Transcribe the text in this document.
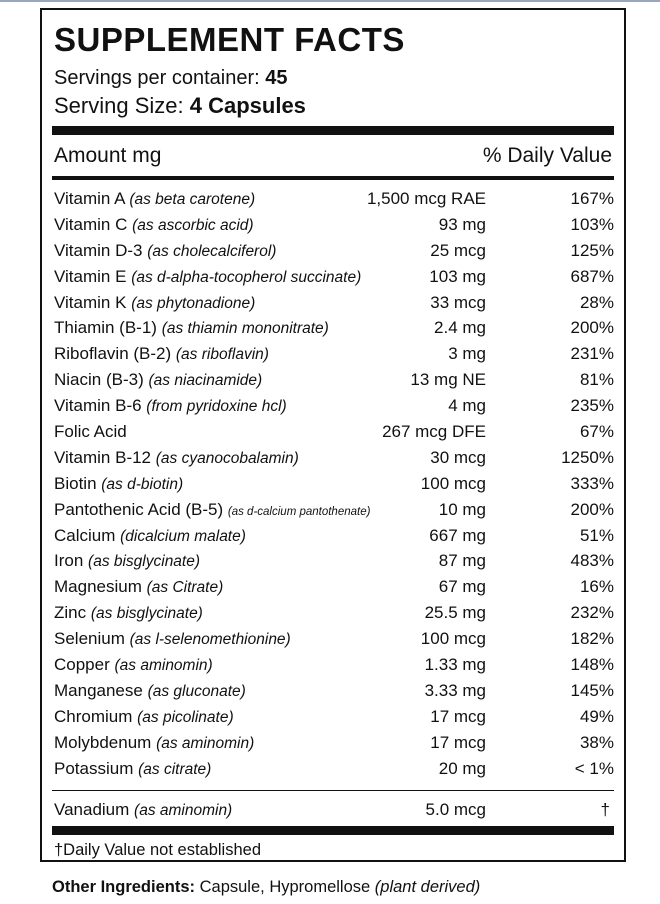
SUPPLEMENT FACTS
Servings per container: 45
Serving Size: 4 Capsules
Amount mg	% Daily Value
Vitamin A (as beta carotene)	1,500 mcg RAE	167%
Vitamin C (as ascorbic acid)	93 mg	103%
Vitamin D-3 (as cholecalciferol)	25 mcg	125%
Vitamin E (as d-alpha-tocopherol succinate)	103 mg	687%
Vitamin K (as phytonadione)	33 mcg	28%
Thiamin (B-1) (as thiamin mononitrate)	2.4 mg	200%
Riboflavin (B-2) (as riboflavin)	3 mg	231%
Niacin (B-3) (as niacinamide)	13 mg NE	81%
Vitamin B-6 (from pyridoxine hcl)	4 mg	235%
Folic Acid	267 mcg DFE	67%
Vitamin B-12 (as cyanocobalamin)	30 mcg	1250%
Biotin (as d-biotin)	100 mcg	333%
Pantothenic Acid (B-5) (as d-calcium pantothenate)	10 mg	200%
Calcium (dicalcium malate)	667 mg	51%
Iron (as bisglycinate)	87 mg	483%
Magnesium (as Citrate)	67 mg	16%
Zinc (as bisglycinate)	25.5 mg	232%
Selenium (as l-selenomethionine)	100 mcg	182%
Copper (as aminomin)	1.33 mg	148%
Manganese (as gluconate)	3.33 mg	145%
Chromium (as picolinate)	17 mcg	49%
Molybdenum (as aminomin)	17 mcg	38%
Potassium (as citrate)	20 mg	< 1%
Vanadium (as aminomin)	5.0 mcg	†
†Daily Value not established
Other Ingredients: Capsule, Hypromellose (plant derived)
